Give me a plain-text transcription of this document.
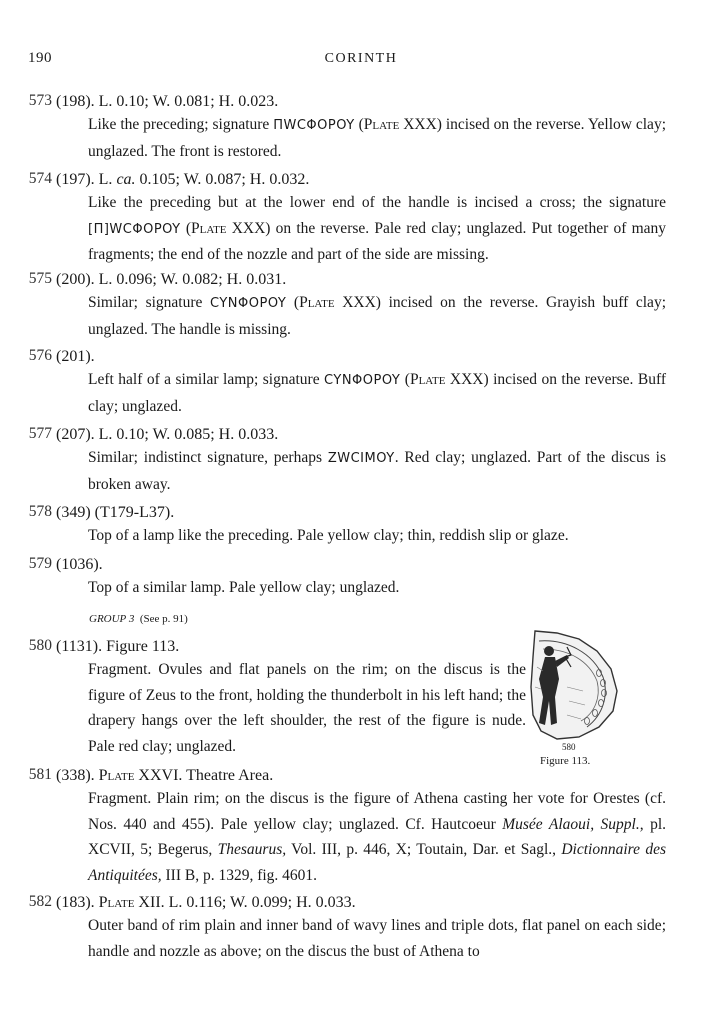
190	CORINTH
573 (198). L. 0.10; W. 0.081; H. 0.023.
Like the preceding; signature ΠWCΦOPOY (Plate XXX) incised on the reverse. Yellow clay; unglazed. The front is restored.
574 (197). L. ca. 0.105; W. 0.087; H. 0.032.
Like the preceding but at the lower end of the handle is incised a cross; the signature [Π]WCΦOPOY (Plate XXX) on the reverse. Pale red clay; unglazed. Put together of many fragments; the end of the nozzle and part of the side are missing.
575 (200). L. 0.096; W. 0.082; H. 0.031.
Similar; signature CYNΦOPOY (Plate XXX) incised on the reverse. Grayish buff clay; unglazed. The handle is missing.
576 (201).
Left half of a similar lamp; signature CYNΦOPOY (Plate XXX) incised on the reverse. Buff clay; unglazed.
577 (207). L. 0.10; W. 0.085; H. 0.033.
Similar; indistinct signature, perhaps ZWCIMOY. Red clay; unglazed. Part of the discus is broken away.
578 (349) (T179-L37).
Top of a lamp like the preceding. Pale yellow clay; thin, reddish slip or glaze.
579 (1036).
Top of a similar lamp. Pale yellow clay; unglazed.
GROUP 3 (See p. 91)
580 (1131). Figure 113.
Fragment. Ovules and flat panels on the rim; on the discus is the figure of Zeus to the front, holding the thunderbolt in his left hand; the drapery hangs over the left shoulder, the rest of the figure is nude. Pale red clay; unglazed.	580
Figure 113.
581 (338). Plate XXVI. Theatre Area.
Fragment. Plain rim; on the discus is the figure of Athena casting her vote for Orestes (cf. Nos. 440 and 455). Pale yellow clay; unglazed. Cf. Hautcoeur Musée Alaoui, Suppl., pl. XCVII, 5; Begerus, Thesaurus, Vol. III, p. 446, X; Toutain, Dar. et Sagl., Dictionnaire des Antiquitées, III B, p. 1329, fig. 4601.
582 (183). Plate XII. L. 0.116; W. 0.099; H. 0.033.
Outer band of rim plain and inner band of wavy lines and triple dots, flat panel on each side; handle and nozzle as above; on the discus the bust of Athena to
